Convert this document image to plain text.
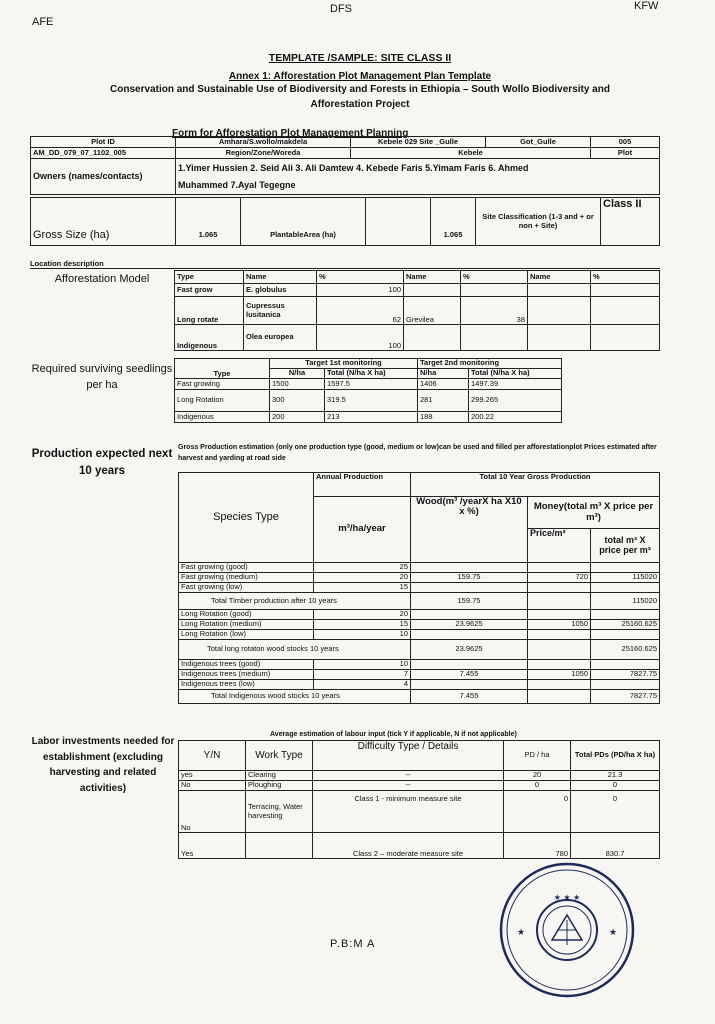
AFE
DFS	KFW
TEMPLATE /SAMPLE: SITE CLASS II
Annex 1: Afforestation Plot Management Plan Template
Conservation and Sustainable Use of Biodiversity and Forests in Ethiopia – South Wollo Biodiversity and
Afforestation Project
Form for Afforestation Plot Management Planning
Plot ID	Amhara/S.wollo/makdela	Kebele 029 Site _Gulle	Got_Gulle	005
AM_DD_079_07_1102_005	Region/Zone/Woreda	Kebele		Plot
Owners (names/contacts)	1.Yimer Hussien 2. Seid Ali 3. Ali Damtew 4. Kebede Faris 5.Yimam Faris 6. Ahmed
Muhammed 7.Ayal Tegegne			
Gross Size (ha)	1.065	PlantableArea (ha)		1.065	Site Classification (1-3 and + or non + Site)	Class II
Location description
Afforestation Model	Type	Name	%	Name	%	Name	%
Fast grow	E. globulus	100				
Long rotate	Cupressus lusitanica	62	Grevilea	38		
Indigenous	Olea europea	100				
Required surviving seedlings per ha
Type	Target 1st monitoring		Target 2nd monitoring		
	N/ha	Total (N/ha X ha)	N/ha	Total (N/ha X ha)	
Fast growing	1500	1597.5	1406	1497.39	
Long Rotation	300	319.5	281	299.265	
Indigenous	200	213	188	200.22	
Production expected next 10 years
Gross Production estimation (only one production type (good, medium or low)can be used and filled per afforestationplot Prices estimated after harvest and yarding at road side
Species Type	Annual Production	Total 10 Year Gross Production		
	m³/ha/year	Wood(m³ /yearX ha X10 x %)	Money(total m³ X price per m³)	
			Price/m³	total m³ X price per m³
Fast growing (good)	25			
Fast growing (medium)	20	159.75	720	115020
Fast growing (low)	15			
Total Timber production after 10 years		159.75		115020
Long Rotation (good)	20			
Long Rotation (medium)	15	23.9625	1050	25160.625
Long Rotation (low)	10			
Total long rotaton wood stocks 10 years		23.9625		25160.625
Indigenous trees (good)	10			
Indigenous trees (medium)	7	7.455	1050	7827.75
Indigenous trees (low)	4			
Total Indigenous wood stocks 10 years		7.455		7827.75
Labor investments needed for establishment (excluding harvesting and related activities)
Average estimation of labour input (tick Y if applicable, N if not applicable)
Y/N	Work Type	Difficulty Type / Details	PD / ha	Total PDs (PD/ha X ha)
yes	Clearing	--	20	21.3
No	Ploughing	--	0	0
No	Terracing, Water harvesting	Class 1 - minimum measure site	0	0
Yes		Class 2 – moderate measure site	780	830.7
★ ★ ★
★	★
P.B:M A
